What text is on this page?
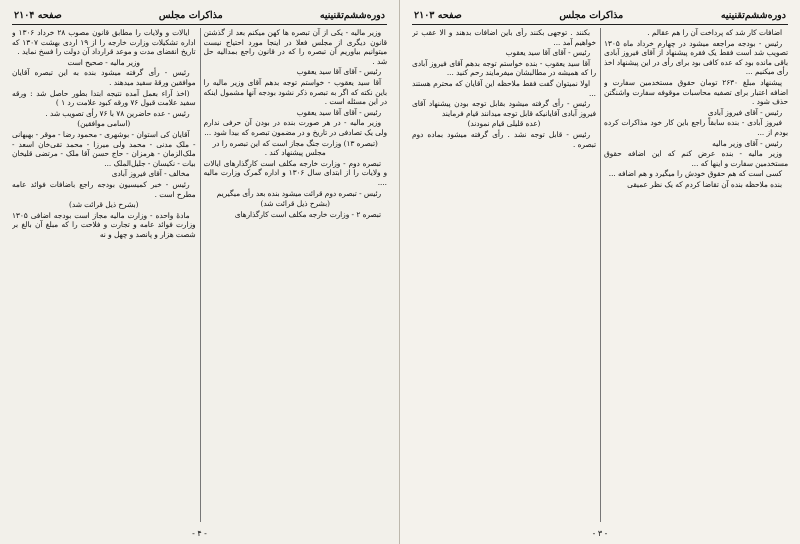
دوره‌ششم‌تقنینیه
مذاکرات مجلس
صفحه ۲۱۰۴

وزیر مالیه - یکی از آن تبصره ها کهن میکنم بعد از گذشتن قانون دیگری از مجلس فعلا در اینجا مورد احتیاج نیست میتوانیم بیاوریم آن تبصره را که در قانون راجع بمدالیه حل شد .

رئیس - آقای آقا سید یعقوب

آقا سید یعقوب - خواستم توجه بدهم آقای وزیر مالیه را باین نکته که اگر به تبصره ذکر نشود بودجه آنها مشمول اینکه در این مسئله است .

رئیس - آقای آقا سید یعقوب

وزیر مالیه - در هر صورت بنده در بودن آن حرفی ندارم ولی یک تصادفی در تاریخ و در مضمون تبصره که بیدا شود ...

(تبصره ۱۳) وزارت جنگ مجاز است که این تبصره را در مجلس پیشنهاد کند .

تبصره دوم - وزارت خارجه مکلف است کارگذارهای ایالات و ولایات را از ابتدای سال ۱۳۰۶ و اداره گمرک وزارت مالیه ....

رئیس - تبصره دوم قرائت میشود بنده بعد رأی میگیریم

(بشرح ذیل قرائت شد)

تبصره ۲ - وزارت خارجه مکلف است کارگذارهای

ایالات و ولایات را مطابق قانون مصوب ۲۸ خرداد ۱۳۰۶ و اداره تشکیلات وزارت خارجه را از ۱۹ اردی بهشت ۱۳۰۷ که تاریخ انقضای مدت و موعد قرارداد آن دولت را فسخ نماید .

وزیر مالیه - صحیح است

رئیس - رأی گرفته میشود بنده به این تبصره آقایان موافقین ورقهٔ سفید میدهند .

(اخذ آراء بعمل آمده نتیجه ابتدا بطور حاصل شد : ورقه سفید علامت قبول ۷۶ ورقه کبود علامت رد ۱ )

رئیس - عده حاضرین ۷۸ با ۷۶ رأی تصویب شد .

(اسامی موافقین)

آقایان کی استوان - بوشهری - محمود رضا - موقر - بهبهانی - ملک مدنی - محمد ولی میرزا - محمد تقی‌خان اسعد - ملک‌الزمان - هرمزان - حاج حسن آقا ملک - مرتضی قلیخان بیات - نکیسان - جلیل‌الملک ...

مخالف - آقای فیروز آبادی

رئیس - خبر کمیسیون بودجه راجع باضافات فوائد عامه مطرح است .

(بشرح ذیل قرائت شد)

مادهٔ واحده - وزارت مالیه مجاز است بودجه اضافی ۱۳۰۵ وزارت فوائد عامه و تجارت و فلاحت را که مبلغ آن بالغ بر شصت هزار و پانصد و چهل و نه

- ۴ -
دوره‌ششم‌تقنینیه
مذاکرات مجلس
صفحه ۲۱۰۳

اضافات کار شد که پرداخت آن را هم عقالم .

رئیس - بودجه مراجعه میشود در چهارم خرداد ماه ۱۳۰۵ تصویب شد است فقط یک فقره پیشنهاد از آقای فیروز آبادی باقی مانده بود که عده کافی بود برای رأی در این پیشنهاد اخذ رأی میکنیم ...

پیشنهاد مبلغ ۲۶۳۰ تومان حقوق مستخدمین سفارت و اضافه اعتبار برای تصفیه محاسبات موقوفه سفارت واشنگتن حذف شود .

رئیس - آقای فیروز آبادی

فیروز آبادی - بنده سابقاً راجع باین کار خود مذاکرات کرده بودم از ...

رئیس - آقای وزیر مالیه

وزیر مالیه - بنده عرض کنم که این اضافه حقوق مستخدمین سفارت و اینها که ...

کسی است که هم حقوق خودش را میگیرد و هم اضافه ...

بنده ملاحظه بنده آن تقاضا کردم که یک نظر عمیقی

بکنند . توجهی بکنند رأی باین اضافات بدهند و الا عقب تر خواهیم آمد ...

رئیس - آقای آقا سید یعقوب

آقا سید یعقوب - بنده خواستم توجه بدهم آقای فیروز آبادی را که همیشه در مطالبشان میفرمایند رحم کنید ...

اولا نمیتوان گفت فقط ملاحظه این آقایان که محترم هستند ...

رئیس - رأی گرفته میشود بقابل توجه بودن پیشنهاد آقای فیروز آبادی آقایانیکه قابل توجه میدانند قیام فرمایند

(عده قلیلی قیام نمودند)

رئیس - قابل توجه نشد . رأی گرفته میشود بماده دوم تبصره .

- ۳ -
